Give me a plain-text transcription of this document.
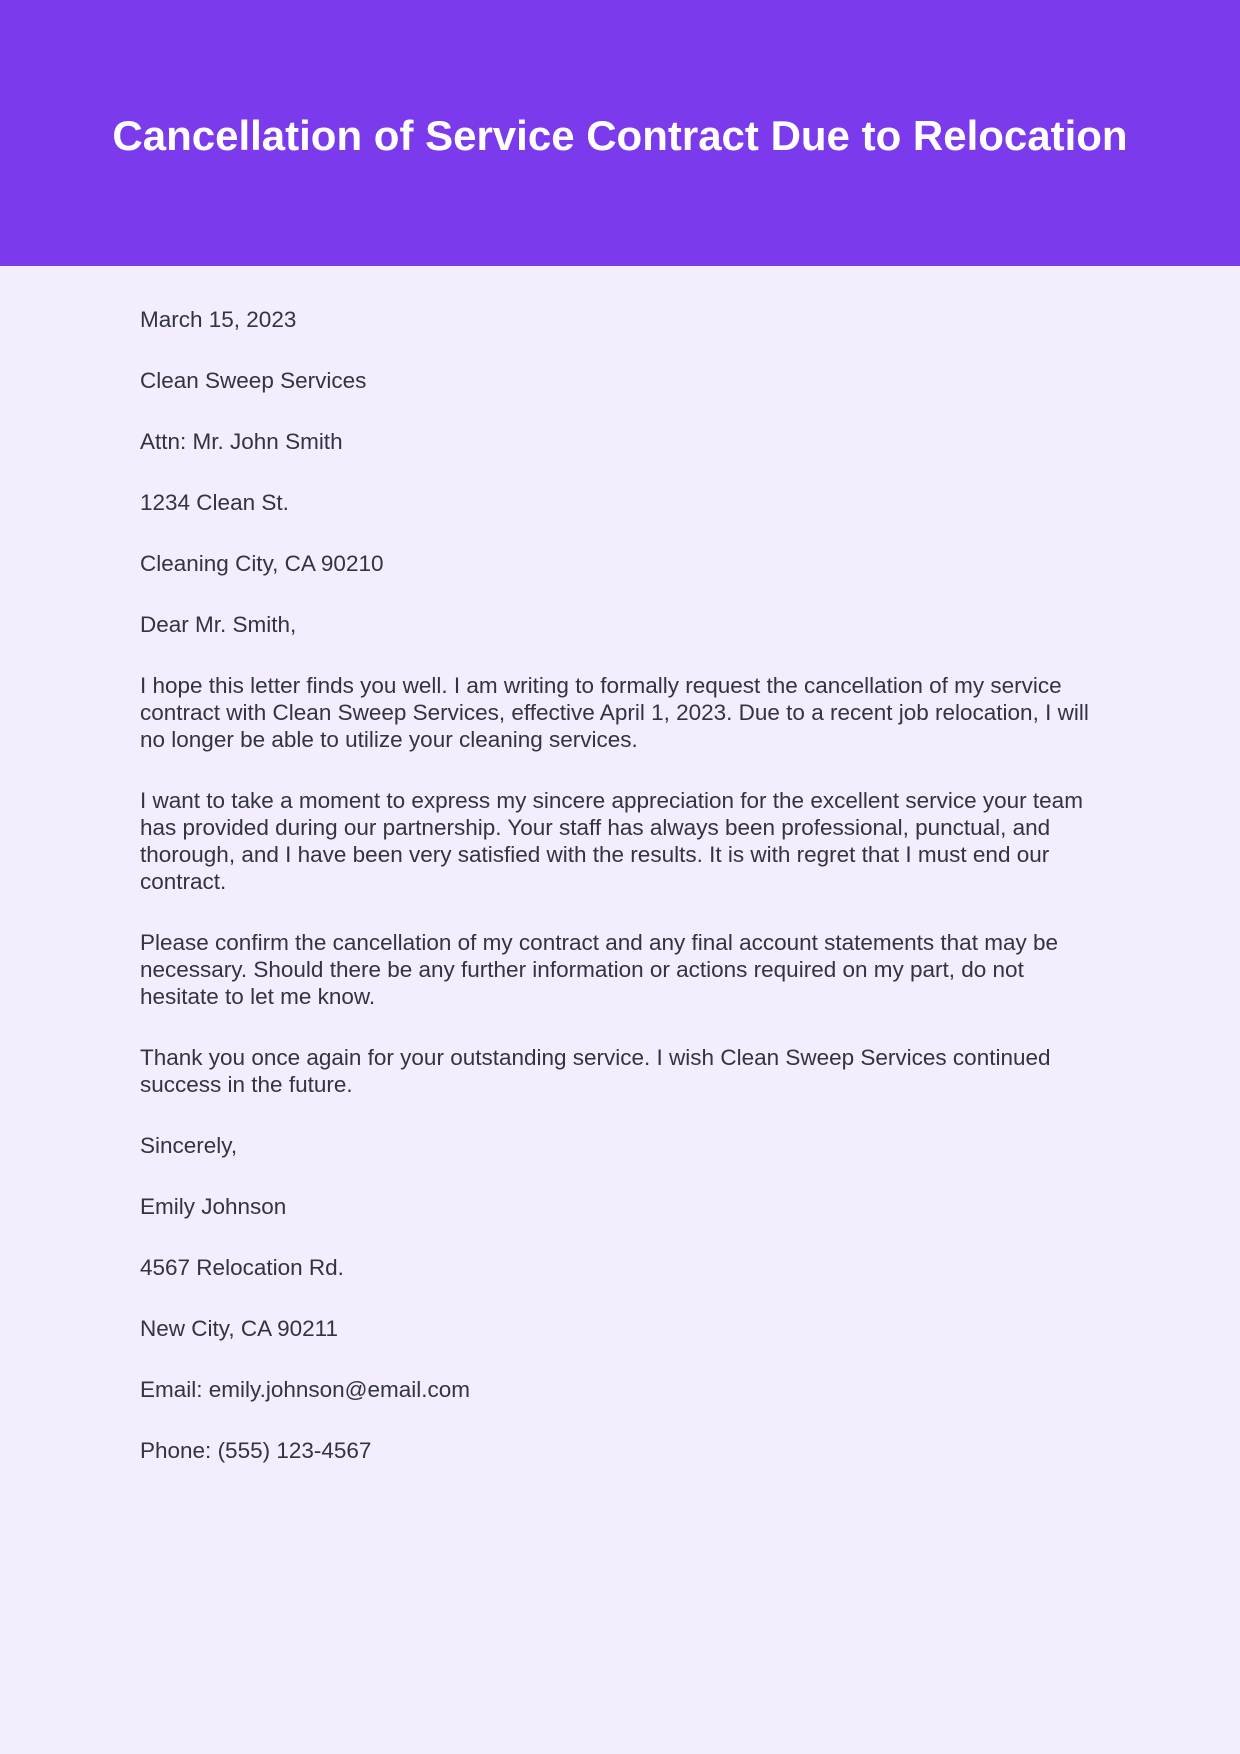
Cancellation of Service Contract Due to Relocation

March 15, 2023

Clean Sweep Services

Attn: Mr. John Smith

1234 Clean St.

Cleaning City, CA 90210

Dear Mr. Smith,

I hope this letter finds you well. I am writing to formally request the cancellation of my service contract with Clean Sweep Services, effective April 1, 2023. Due to a recent job relocation, I will no longer be able to utilize your cleaning services.

I want to take a moment to express my sincere appreciation for the excellent service your team has provided during our partnership. Your staff has always been professional, punctual, and thorough, and I have been very satisfied with the results. It is with regret that I must end our contract.

Please confirm the cancellation of my contract and any final account statements that may be necessary. Should there be any further information or actions required on my part, do not hesitate to let me know.

Thank you once again for your outstanding service. I wish Clean Sweep Services continued success in the future.

Sincerely,

Emily Johnson

4567 Relocation Rd.

New City, CA 90211

Email: emily.johnson@email.com

Phone: (555) 123-4567
